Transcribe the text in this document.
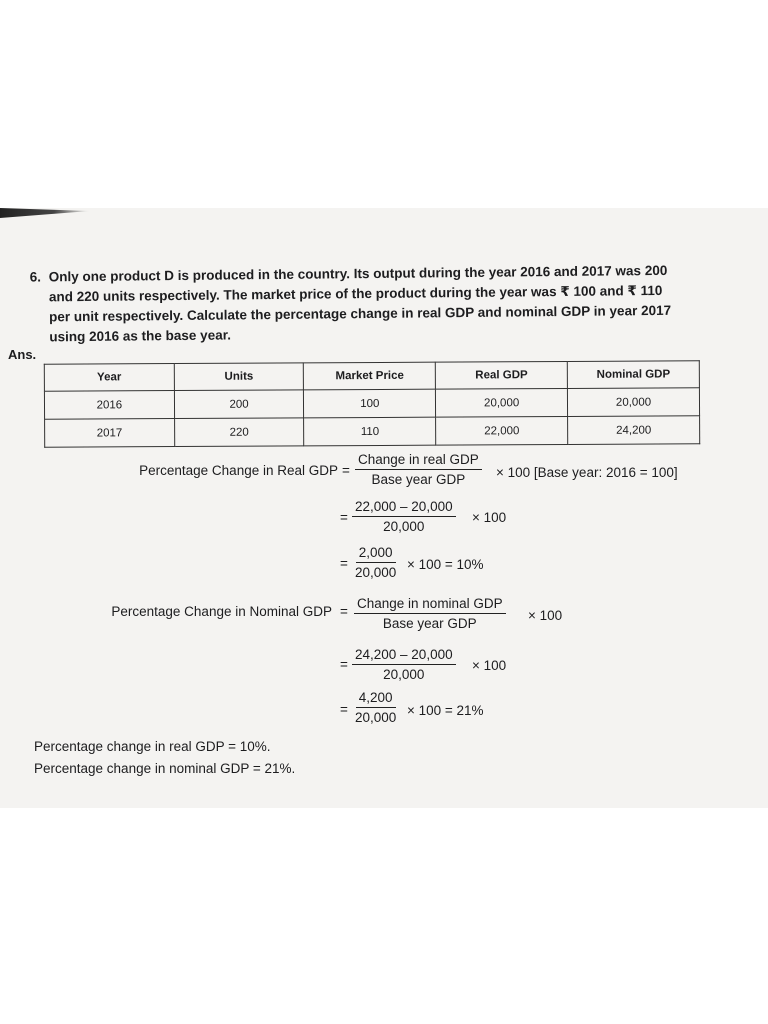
6. Only one product D is produced in the country. Its output during the year 2016 and 2017 was 200
and 220 units respectively. The market price of the product during the year was ₹ 100 and ₹ 110
per unit respectively. Calculate the percentage change in real GDP and nominal GDP in year 2017
using 2016 as the base year.
Ans.
Year	Units	Market Price	Real GDP	Nominal GDP
2016	200	100	20,000	20,000
2017	220	110	22,000	24,200
Percentage Change in Real GDP =
Change in real GDP
Base year GDP × 100 [Base year: 2016 = 100]
= $\frac{22,000 - 20,000}{20,000} \times 100$
= $\frac{2,000}{20,000} \times 100 = 10\%$
Percentage Change in Nominal GDP =
Change in nominal GDP
Base year GDP
× 100
= $\frac{24,200 - 20,000}{20,000} \times 100$
= $\frac{4,200}{20,000} \times 100 = 21\%$
Percentage change in real GDP = 10%.
Percentage change in nominal GDP = 21%.
